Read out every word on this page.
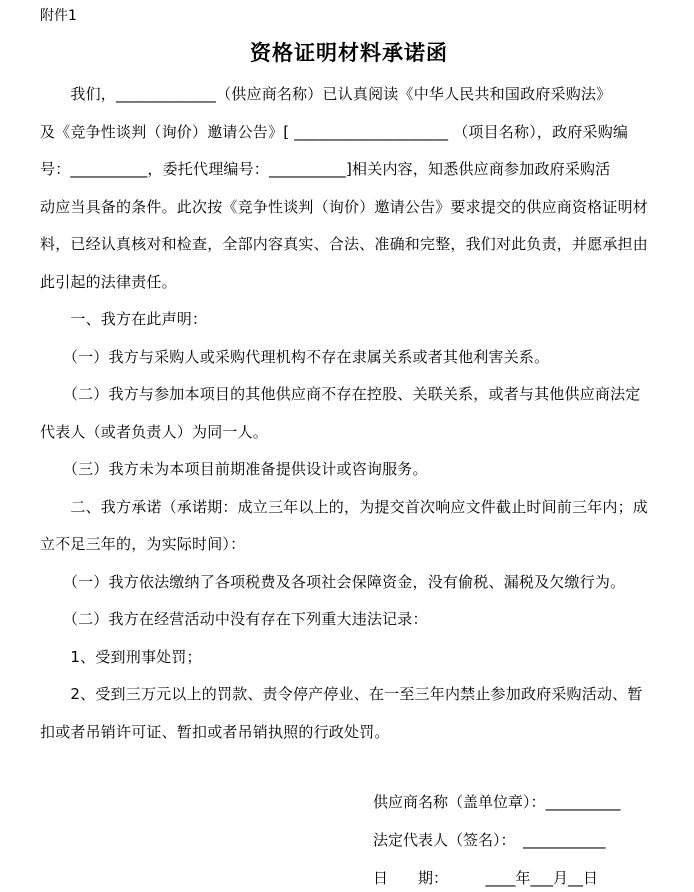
附件1
资格证明材料承诺函
　　我们，_____________（供应商名称）已认真阅读《中华人民共和国政府采购法》
及《竞争性谈判（询价）邀请公告》[ ____________________ （项目名称），政府采购编
号：__________，委托代理编号：__________]相关内容，知悉供应商参加政府采购活
动应当具备的条件。此次按《竞争性谈判（询价）邀请公告》要求提交的供应商资格证明材
料，已经认真核对和检查，全部内容真实、合法、准确和完整，我们对此负责，并愿承担由
此引起的法律责任。
　　一、我方在此声明：
　　（一）我方与采购人或采购代理机构不存在隶属关系或者其他利害关系。
　　（二）我方与参加本项目的其他供应商不存在控股、关联关系，或者与其他供应商法定
代表人（或者负责人）为同一人。
　　（三）我方未为本项目前期准备提供设计或咨询服务。
　　二、我方承诺（承诺期：成立三年以上的，为提交首次响应文件截止时间前三年内；成
立不足三年的，为实际时间）：
　　（一）我方依法缴纳了各项税费及各项社会保障资金，没有偷税、漏税及欠缴行为。
　　（二）我方在经营活动中没有存在下列重大违法记录：
　　1、受到刑事处罚；
　　2、受到三万元以上的罚款、责令停产停业、在一至三年内禁止参加政府采购活动、暂
扣或者吊销许可证、暂扣或者吊销执照的行政处罚。
供应商名称（盖单位章）：__________
法定代表人（签名）：　___________
日　　期：　　　____年___月__日
